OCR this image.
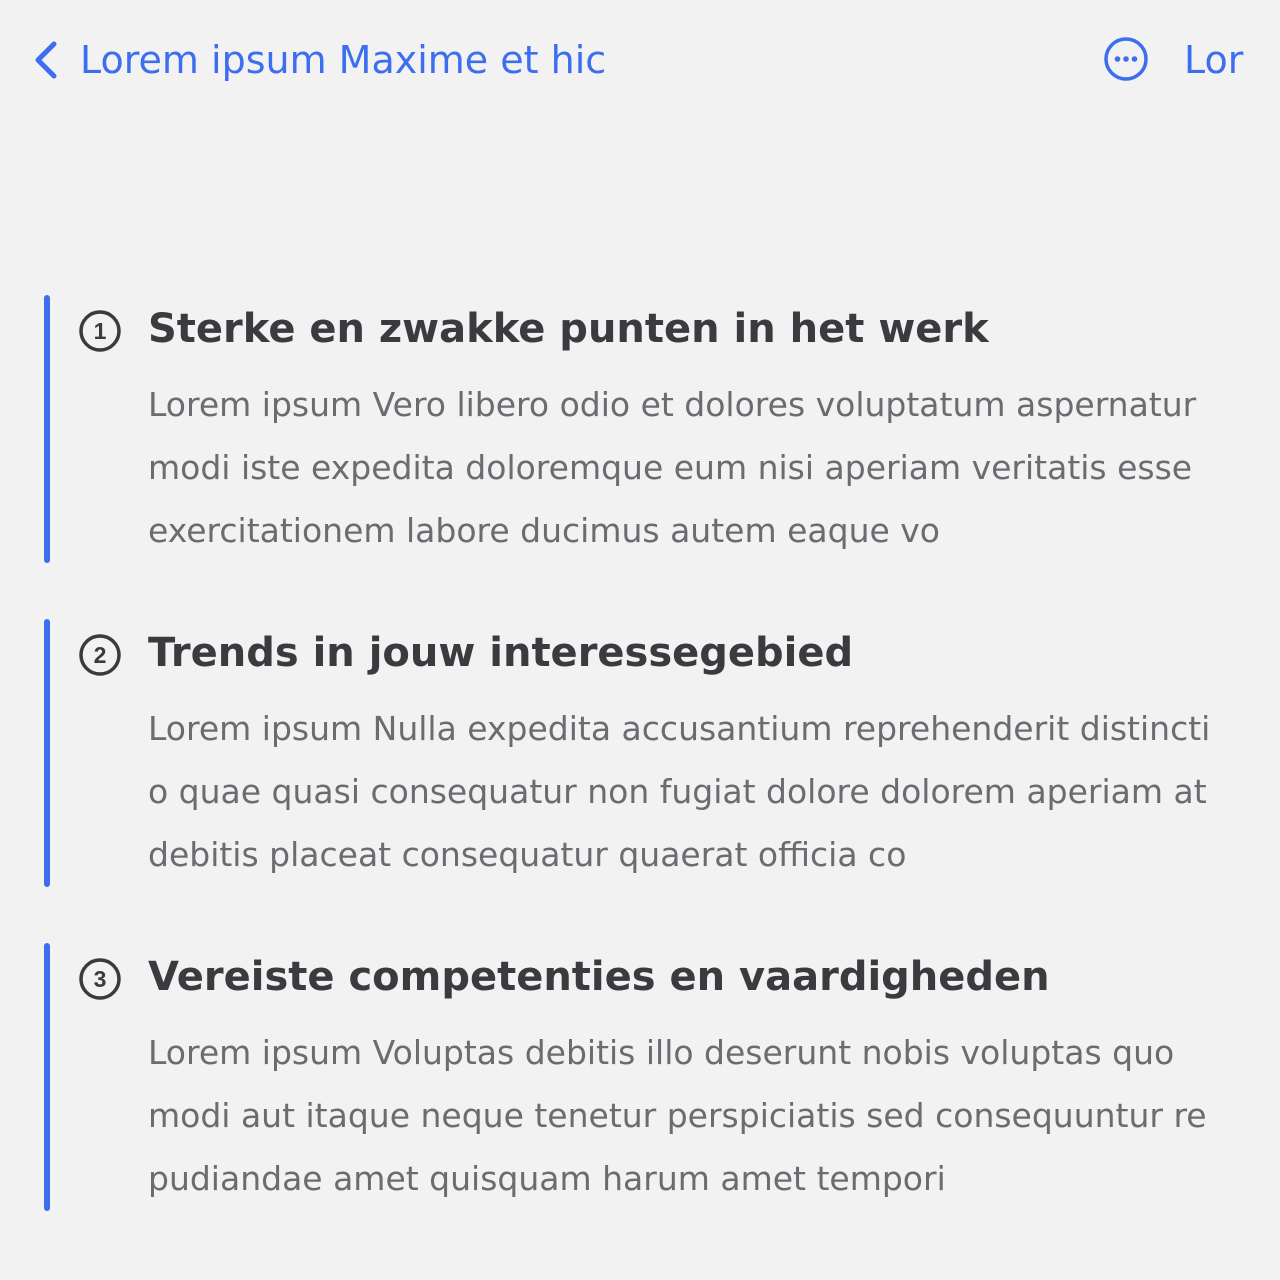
Lorem ipsum Maxime et hic	Lor
1 Sterke en zwakke punten in het werk
Lorem ipsum Vero libero odio et dolores voluptatum aspernatur modi iste expedita doloremque eum nisi aperiam veritatis esse exercitationem labore ducimus autem eaque vo
2 Trends in jouw interessegebied
Lorem ipsum Nulla expedita accusantium reprehenderit distinctio quae quasi consequatur non fugiat dolore dolorem aperiam at debitis placeat consequatur quaerat officia co
3 Vereiste competenties en vaardigheden
Lorem ipsum Voluptas debitis illo deserunt nobis voluptas quo modi aut itaque neque tenetur perspiciatis sed consequuntur repudiandae amet quisquam harum amet tempori
